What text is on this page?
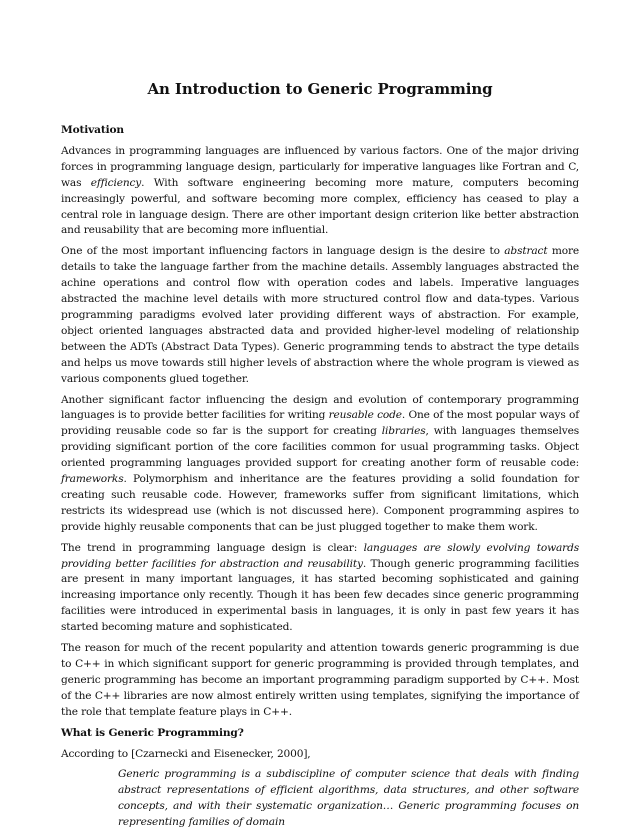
An Introduction to Generic Programming
Motivation

Advances in programming languages are influenced by various factors. One of the major driving forces in programming language design, particularly for imperative languages like Fortran and C, was efficiency. With software engineering becoming more mature, computers becoming increasingly powerful, and software becoming more complex, efficiency has ceased to play a central role in language design. There are other important design criterion like better abstraction and reusability that are becoming more influential.

One of the most important influencing factors in language design is the desire to abstract more details to take the language farther from the machine details. Assembly languages abstracted the achine operations and control flow with operation codes and labels. Imperative languages abstracted the machine level details with more structured control flow and data-types. Various programming paradigms evolved later providing different ways of abstraction. For example, object oriented languages abstracted data and provided higher-level modeling of relationship between the ADTs (Abstract Data Types). Generic programming tends to abstract the type details and helps us move towards still higher levels of abstraction where the whole program is viewed as various components glued together.

Another significant factor influencing the design and evolution of contemporary programming languages is to provide better facilities for writing reusable code. One of the most popular ways of providing reusable code so far is the support for creating libraries, with languages themselves providing significant portion of the core facilities common for usual programming tasks. Object oriented programming languages provided support for creating another form of reusable code: frameworks. Polymorphism and inheritance are the features providing a solid foundation for creating such reusable code. However, frameworks suffer from significant limitations, which restricts its widespread use (which is not discussed here). Component programming aspires to provide highly reusable components that can be just plugged together to make them work.

The trend in programming language design is clear: languages are slowly evolving towards providing better facilities for abstraction and reusability. Though generic programming facilities are present in many important languages, it has started becoming sophisticated and gaining increasing importance only recently. Though it has been few decades since generic programming facilities were introduced in experimental basis in languages, it is only in past few years it has started becoming mature and sophisticated.

The reason for much of the recent popularity and attention towards generic programming is due to C++ in which significant support for generic programming is provided through templates, and generic programming has become an important programming paradigm supported by C++. Most of the C++ libraries are now almost entirely written using templates, signifying the importance of the role that template feature plays in C++.

What is Generic Programming?

According to [Czarnecki and Eisenecker, 2000],

Generic programming is a subdiscipline of computer science that deals with finding abstract representations of efficient algorithms, data structures, and other software concepts, and with their systematic organization… Generic programming focuses on representing families of domain
